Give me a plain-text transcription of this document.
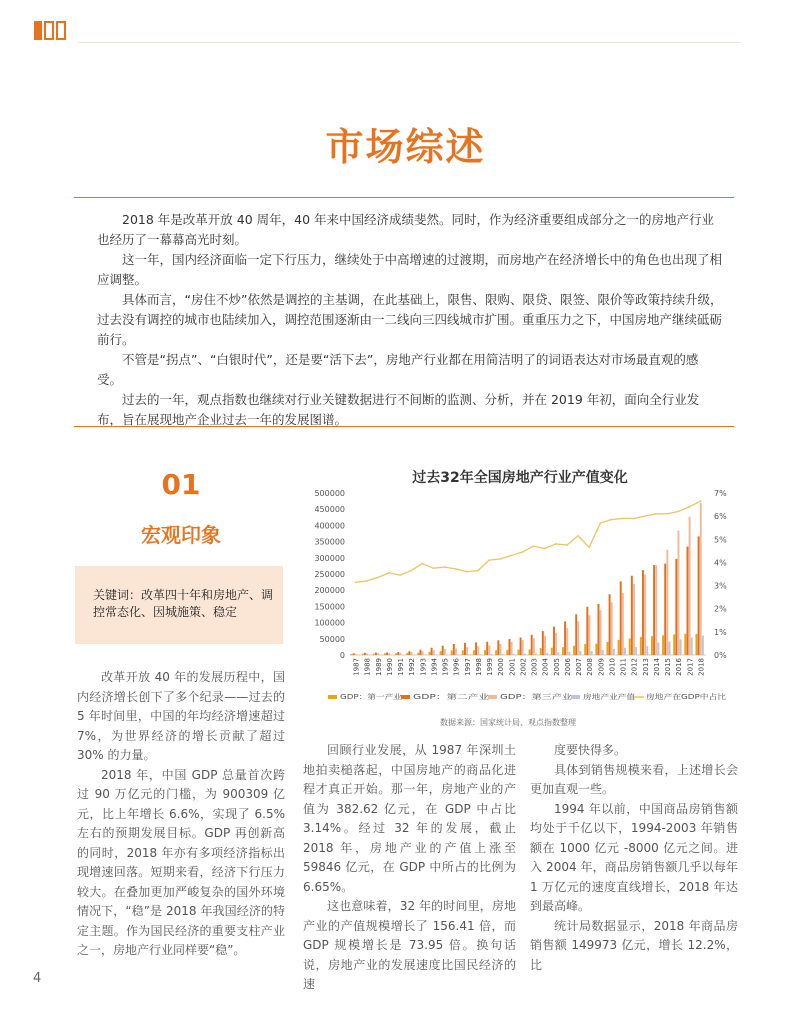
市场综述

2018 年是改革开放 40 周年，40 年来中国经济成绩斐然。同时，作为经济重要组成部分之一的房地产行业也经历了一幕幕高光时刻。

这一年，国内经济面临一定下行压力，继续处于中高增速的过渡期，而房地产在经济增长中的角色也出现了相应调整。

具体而言，“房住不炒”依然是调控的主基调，在此基础上，限售、限购、限贷、限签、限价等政策持续升级，过去没有调控的城市也陆续加入，调控范围逐渐由一二线向三四线城市扩围。重重压力之下，中国房地产继续砥砺前行。

不管是“拐点”、“白银时代”，还是要“活下去”，房地产行业都在用简洁明了的词语表达对市场最直观的感受。

过去的一年，观点指数也继续对行业关键数据进行不间断的监测、分析，并在 2019 年初，面向全行业发布，旨在展现地产企业过去一年的发展图谱。

01
宏观印象
关键词：改革四十年和房地产、调控常态化、因城施策、稳定

改革开放 40 年的发展历程中，国内经济增长创下了多个纪录——过去的 5 年时间里，中国的年均经济增速超过 7%，为世界经济的增长贡献了超过 30% 的力量。

2018 年，中国 GDP 总量首次跨过 90 万亿元的门槛，为 900309 亿元，比上年增长 6.6%，实现了 6.5% 左右的预期发展目标。GDP 再创新高的同时，2018 年亦有多项经济指标出现增速回落。短期来看，经济下行压力较大。在叠加更加严峻复杂的国外环境情况下，“稳”是 2018 年我国经济的特定主题。作为国民经济的重要支柱产业之一，房地产行业同样要“稳”。

回顾行业发展，从 1987 年深圳土地拍卖槌落起，中国房地产的商品化进程才真正开始。那一年，房地产业的产值为 382.62 亿元，在 GDP 中占比 3.14%。经过 32 年的发展，截止 2018 年，房地产业的产值上涨至 59846 亿元，在 GDP 中所占的比例为 6.65%。

这也意味着，32 年的时间里，房地产业的产值规模增长了 156.41 倍，而GDP 规模增长是 73.95 倍。换句话说，房地产业的发展速度比国民经济的速

度要快得多。

具体到销售规模来看，上述增长会更加直观一些。

1994 年以前，中国商品房销售额均处于千亿以下，1994-2003 年销售额在 1000 亿元 -8000 亿元之间。进入 2004 年，商品房销售额几乎以每年 1 万亿元的速度直线增长，2018 年达到最高峰。

统计局数据显示，2018 年商品房销售额 149973 亿元，增长 12.2%，比

过去32年全国房地产行业产值变化
500000
450000
400000
350000
300000
250000
200000
150000
100000
50000
0
7%
6%
5%
4%
3%
2%
1%
0%
1987 1988 1989 1990 1991 1992 1993 1994 1995 1996 1997 1998 1999 2000 2001 2002 2003 2004 2005 2006 2007 2008 2009 2010 2011 2012 2013 2014 2015 2016 2017 2018
GDP：第一产业	GDP：第二产业	GDP：第三产业	房地产业产值	房地产在GDP中占比
数据来源：国家统计局、观点指数整理
4
